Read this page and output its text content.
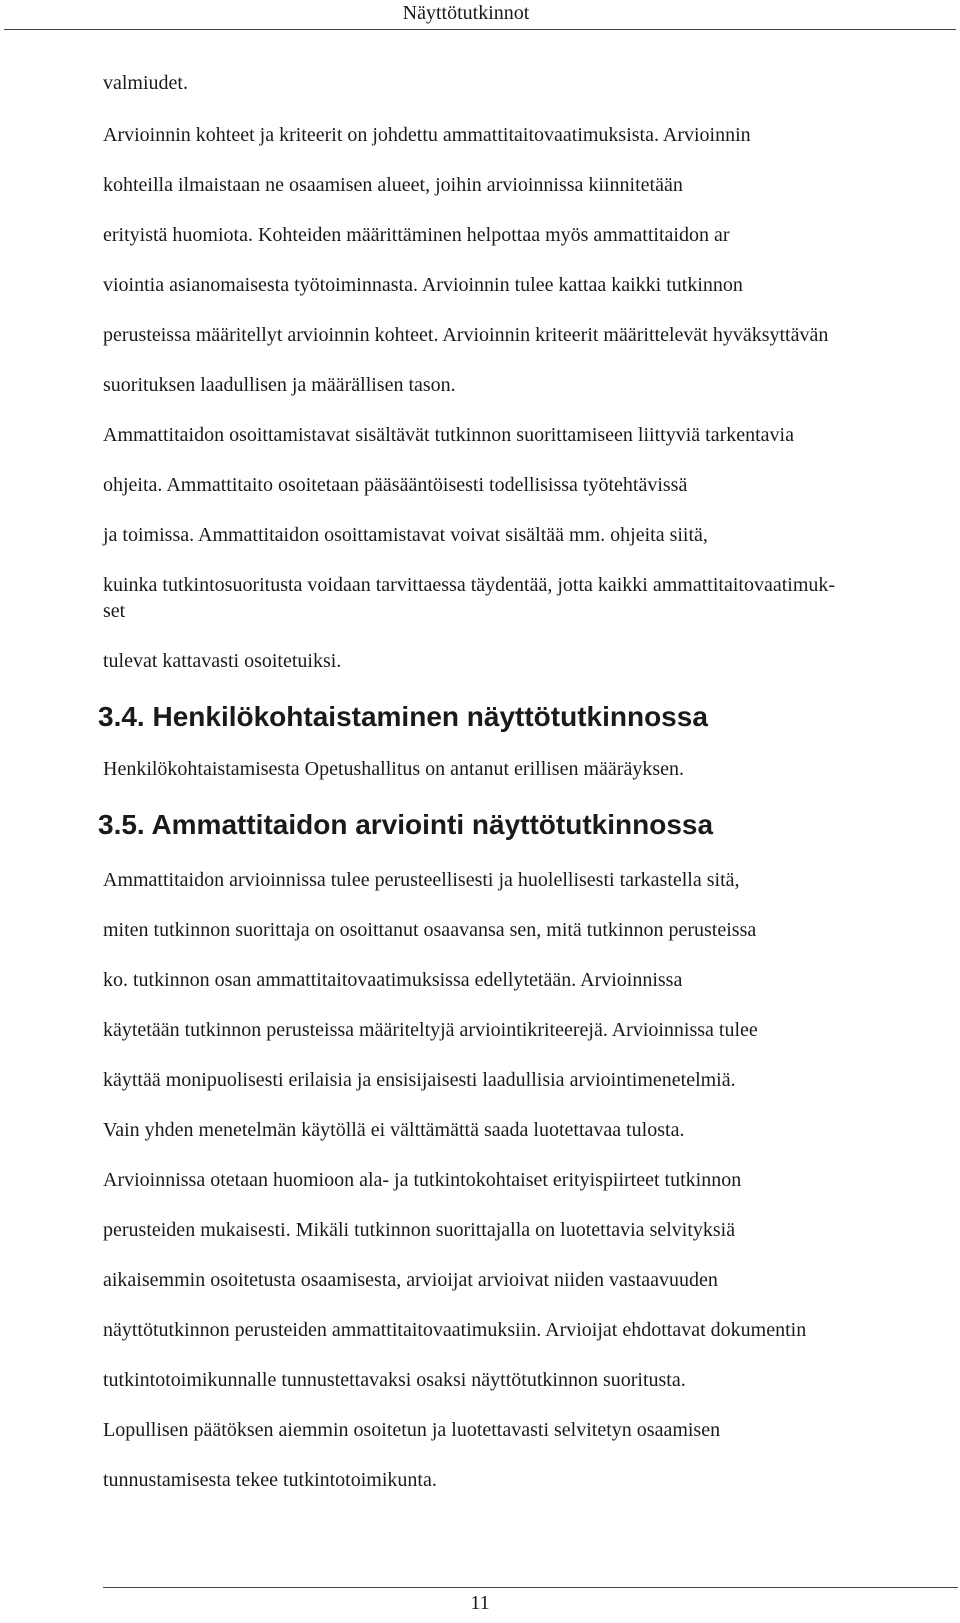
Näyttötutkinnot
valmiudet.
Arvioinnin kohteet ja kriteerit on johdettu ammattitaitovaatimuksista. Arvioinnin
kohteilla ilmaistaan ne osaamisen alueet, joihin arvioinnissa kiinnitetään
erityistä huomiota. Kohteiden määrittäminen helpottaa myös ammattitaidon ar
viointia asianomaisesta työtoiminnasta. Arvioinnin tulee kattaa kaikki tutkinnon
perusteissa määritellyt arvioinnin kohteet. Arvioinnin kriteerit määrittelevät hyväksyttävän
suorituksen laadullisen ja määrällisen tason.
Ammattitaidon osoittamistavat sisältävät tutkinnon suorittamiseen liittyviä tarkentavia
ohjeita. Ammattitaito osoitetaan pääsääntöisesti todellisissa työtehtävissä
ja toimissa. Ammattitaidon osoittamistavat voivat sisältää mm. ohjeita siitä,
kuinka tutkintosuoritusta voidaan tarvittaessa täydentää, jotta kaikki ammattitaitovaatimuk-
set
tulevat kattavasti osoitetuiksi.
3.4. Henkilökohtaistaminen näyttötutkinnossa
Henkilökohtaistamisesta Opetushallitus on antanut erillisen määräyksen.
3.5. Ammattitaidon arviointi näyttötutkinnossa
Ammattitaidon arvioinnissa tulee perusteellisesti ja huolellisesti tarkastella sitä,
miten tutkinnon suorittaja on osoittanut osaavansa sen, mitä tutkinnon perusteissa
ko. tutkinnon osan ammattitaitovaatimuksissa edellytetään. Arvioinnissa
käytetään tutkinnon perusteissa määriteltyjä arviointikriteerejä. Arvioinnissa tulee
käyttää monipuolisesti erilaisia ja ensisijaisesti laadullisia arviointimenetelmiä.
Vain yhden menetelmän käytöllä ei välttämättä saada luotettavaa tulosta.
Arvioinnissa otetaan huomioon ala- ja tutkintokohtaiset erityispiirteet tutkinnon
perusteiden mukaisesti. Mikäli tutkinnon suorittajalla on luotettavia selvityksiä
aikaisemmin osoitetusta osaamisesta, arvioijat arvioivat niiden vastaavuuden
näyttötutkinnon perusteiden ammattitaitovaatimuksiin. Arvioijat ehdottavat dokumentin
tutkintotoimikunnalle tunnustettavaksi osaksi näyttötutkinnon suoritusta.
Lopullisen päätöksen aiemmin osoitetun ja luotettavasti selvitetyn osaamisen
tunnustamisesta tekee tutkintotoimikunta.
11
